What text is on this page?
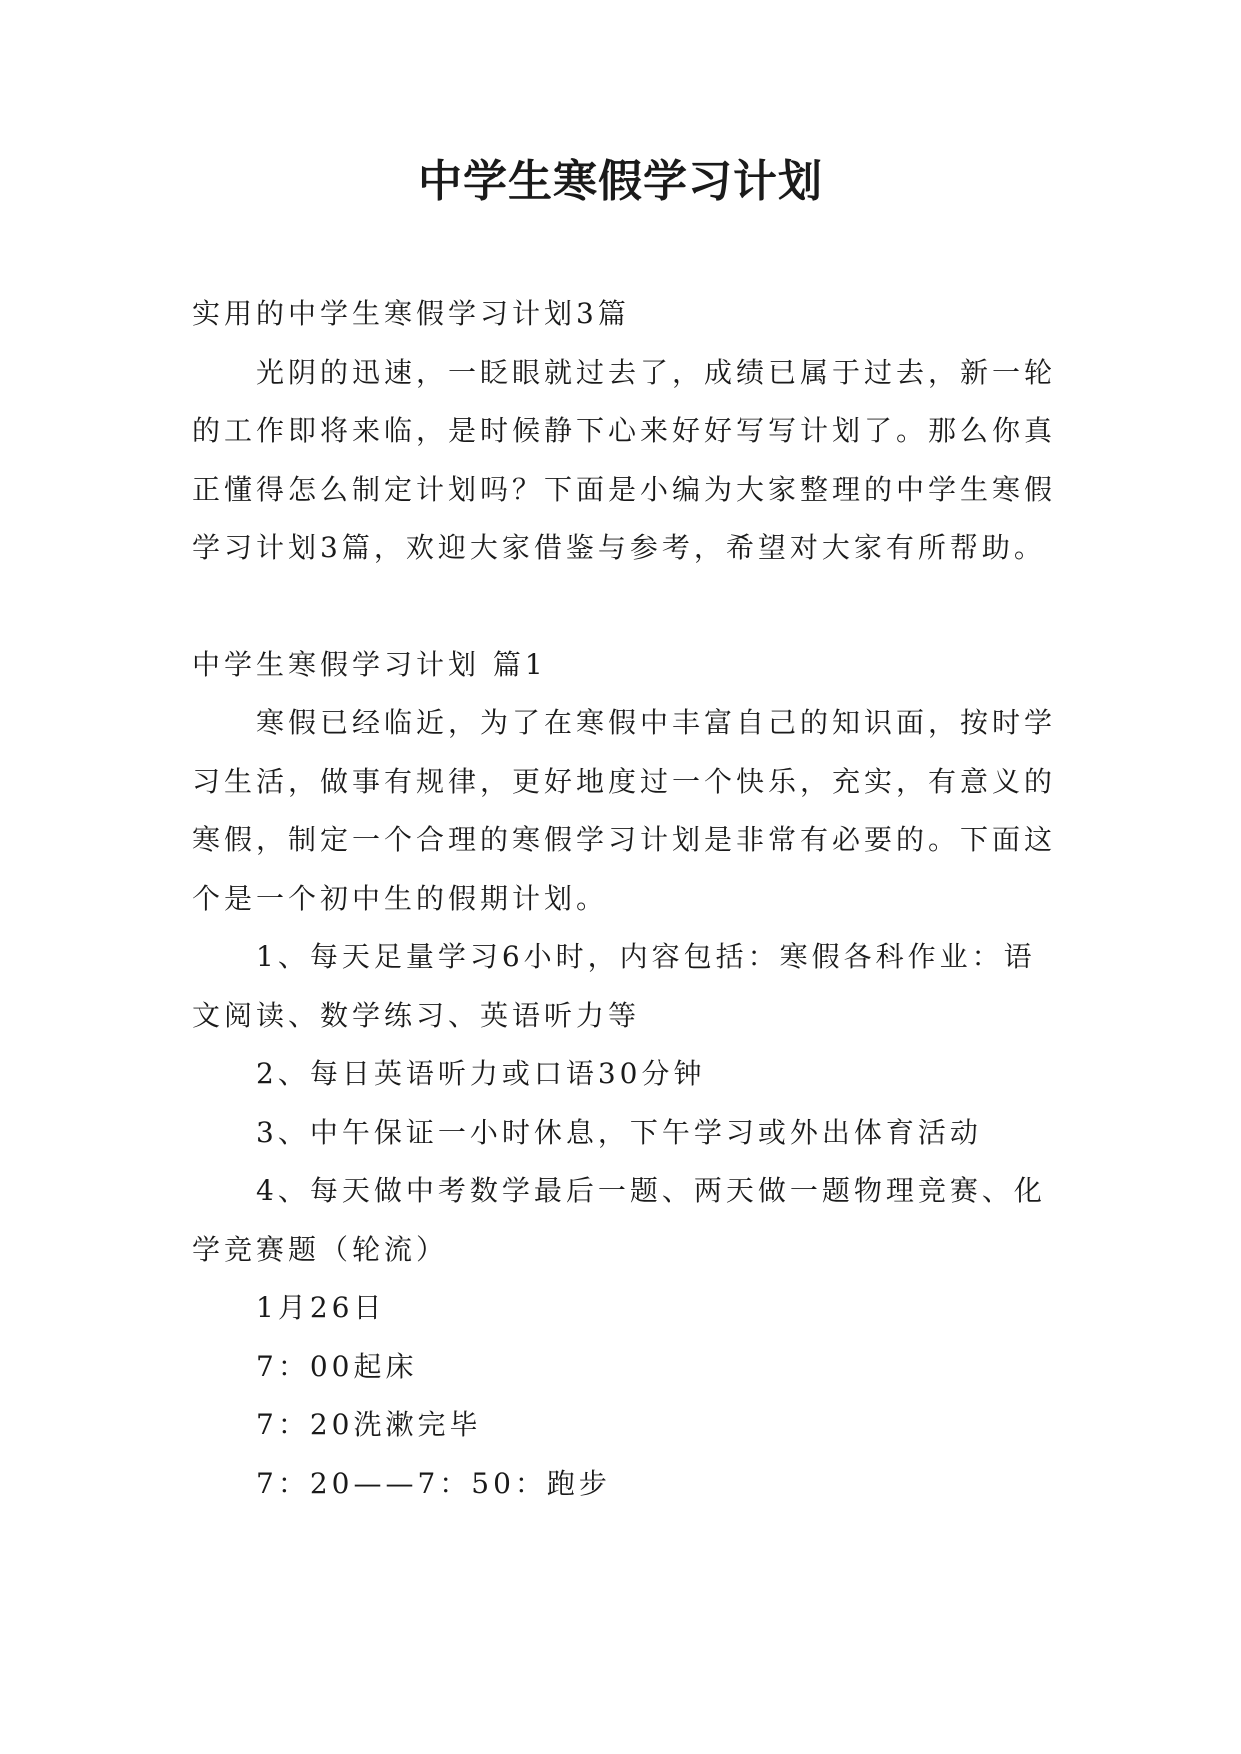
中学生寒假学习计划

实用的中学生寒假学习计划3篇

光阴的迅速，一眨眼就过去了，成绩已属于过去，新一轮的工作即将来临，是时候静下心来好好写写计划了。那么你真正懂得怎么制定计划吗？下面是小编为大家整理的中学生寒假学习计划3篇，欢迎大家借鉴与参考，希望对大家有所帮助。

中学生寒假学习计划 篇1

寒假已经临近，为了在寒假中丰富自己的知识面，按时学习生活，做事有规律，更好地度过一个快乐，充实，有意义的寒假，制定一个合理的寒假学习计划是非常有必要的。下面这个是一个初中生的假期计划。

1、每天足量学习6小时，内容包括：寒假各科作业：语文阅读、数学练习、英语听力等

2、每日英语听力或口语30分钟

3、中午保证一小时休息，下午学习或外出体育活动

4、每天做中考数学最后一题、两天做一题物理竞赛、化学竞赛题（轮流）

1月26日

7：00起床

7：20洗漱完毕

7：20——7：50：跑步
